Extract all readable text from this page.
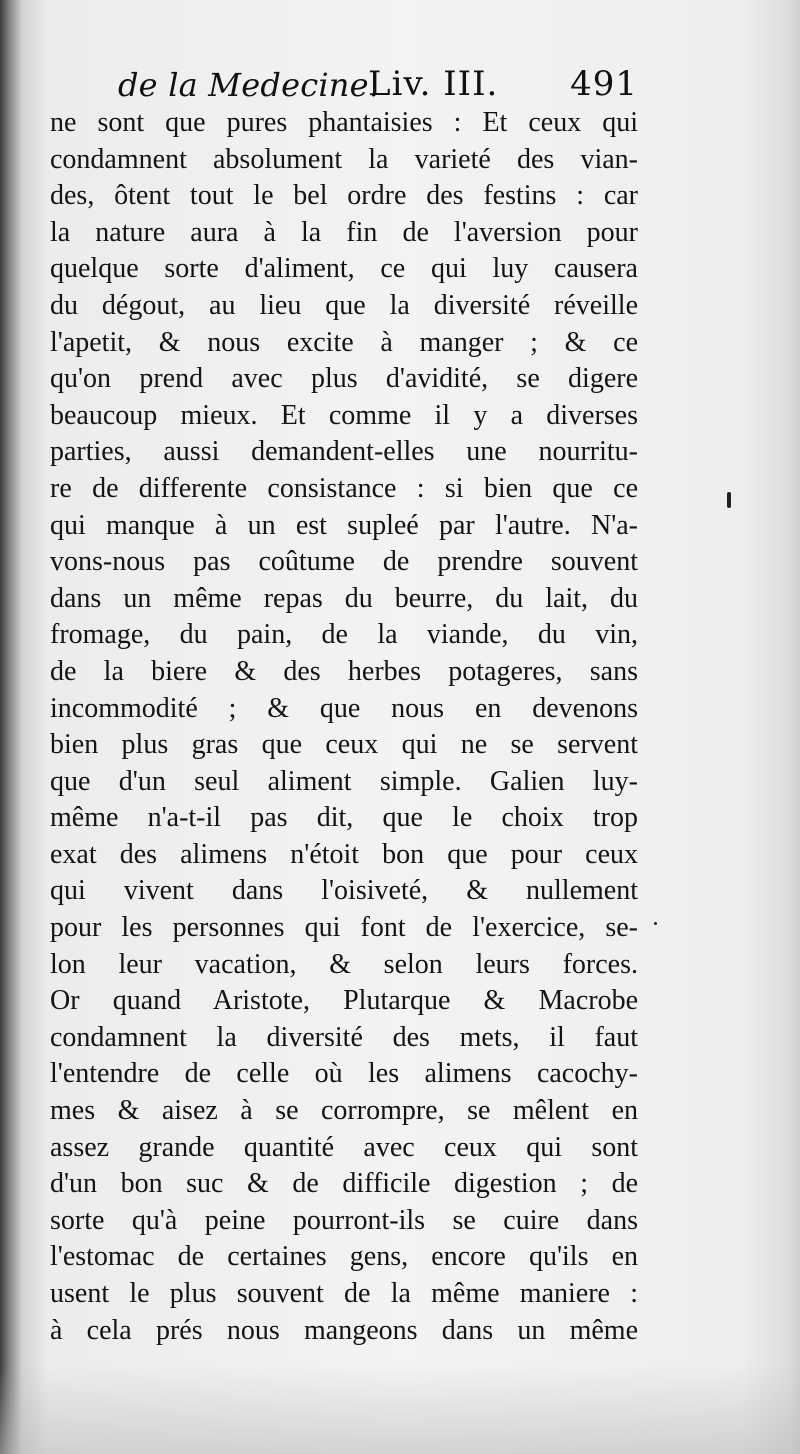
de la Medecine.
Liv. III. 491
ne sont que pures phantaisies : Et ceux qui
condamnent absolument la varieté des vian-
des, ôtent tout le bel ordre des festins : car
la nature aura à la fin de l'aversion pour
quelque sorte d'aliment, ce qui luy causera
du dégout, au lieu que la diversité réveille
l'apetit, & nous excite à manger ; & ce
qu'on prend avec plus d'avidité, se digere
beaucoup mieux. Et comme il y a diverses
parties, aussi demandent-elles une nourritu-
re de differente consistance : si bien que ce
qui manque à un est supleé par l'autre. N'a-
vons-nous pas coûtume de prendre souvent
dans un même repas du beurre, du lait, du
fromage, du pain, de la viande, du vin,
de la biere & des herbes potageres, sans
incommodité ; & que nous en devenons
bien plus gras que ceux qui ne se servent
que d'un seul aliment simple. Galien luy-
même n'a-t-il pas dit, que le choix trop
exat des alimens n'étoit bon que pour ceux
qui vivent dans l'oisiveté, & nullement
pour les personnes qui font de l'exercice, se-
lon leur vacation, & selon leurs forces.
Or quand Aristote, Plutarque & Macrobe
condamnent la diversité des mets, il faut
l'entendre de celle où les alimens cacochy-
mes & aisez à se corrompre, se mêlent en
assez grande quantité avec ceux qui sont
d'un bon suc & de difficile digestion ; de
sorte qu'à peine pourront-ils se cuire dans
l'estomac de certaines gens, encore qu'ils en
usent le plus souvent de la même maniere :
à cela prés nous mangeons dans un même
